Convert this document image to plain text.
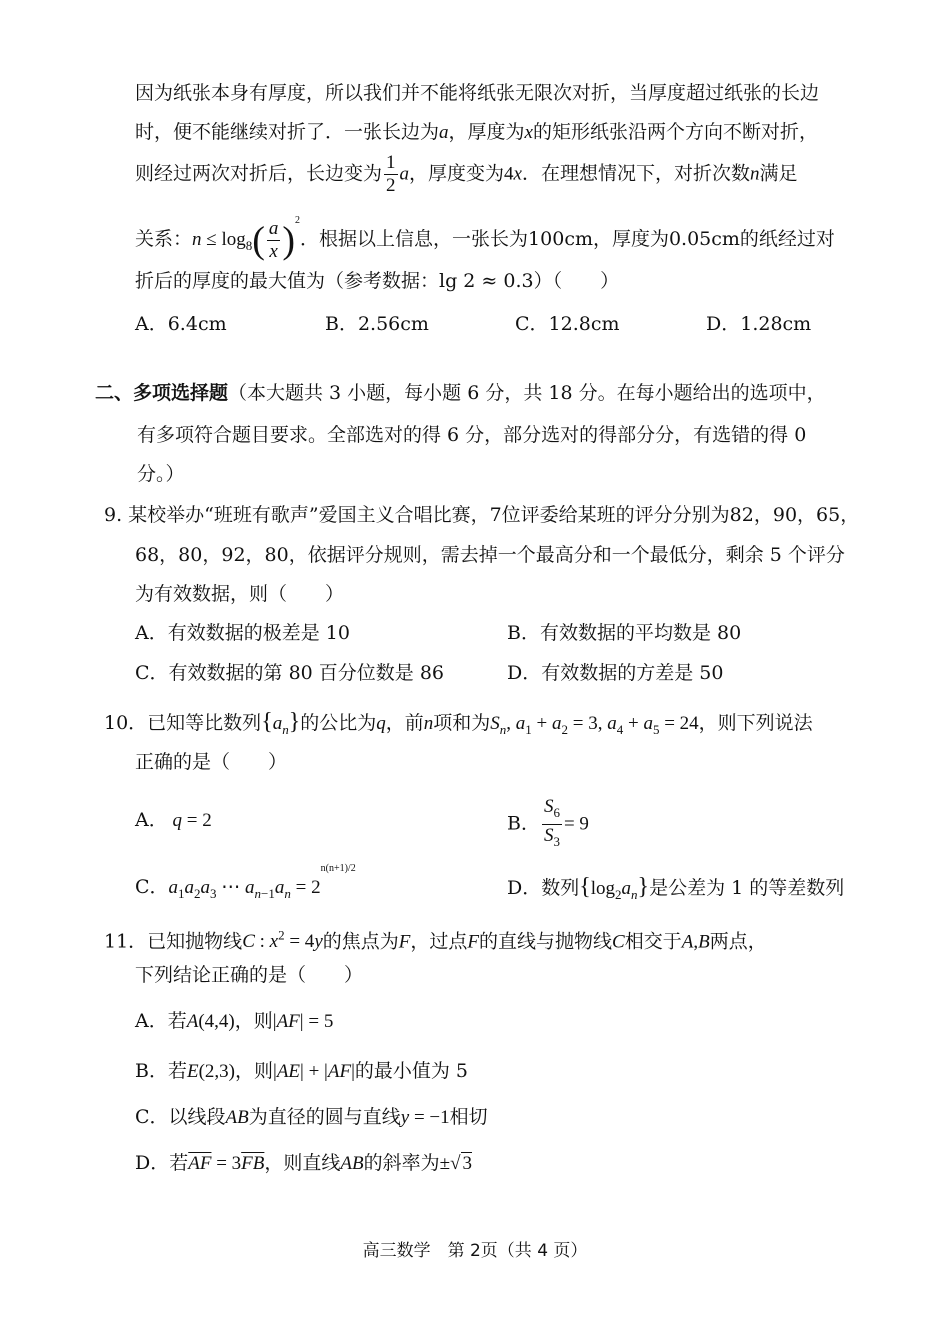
因为纸张本身有厚度，所以我们并不能将纸张无限次对折，当厚度超过纸张的长边
时，便不能继续对折了．一张长边为a，厚度为x的矩形纸张沿两个方向不断对折，
则经过两次对折后，长边变为 $\frac{1}{2}$ a，厚度变为4x．在理想情况下，对折次数n满足
关系：$n \le \log_8( \frac{a}{x} )^2$．根据以上信息，一张长为100cm，厚度为0.05cm的纸经过对
折后的厚度的最大值为（参考数据：lg 2 ≈ 0.3）（　　）
A．6.4cm	B．2.56cm	C．12.8cm	D．1.28cm
二、多项选择题（本大题共 3 小题，每小题 6 分，共 18 分。在每小题给出的选项中，
有多项符合题目要求。全部选对的得 6 分，部分选对的得部分分，有选错的得 0
分。）
9. 某校举办“班班有歌声”爱国主义合唱比赛，7位评委给某班的评分分别为82，90，65，
68，80，92，80，依据评分规则，需去掉一个最高分和一个最低分，剩余 5 个评分
为有效数据，则（　　）
A．有效数据的极差是 10	B．有效数据的平均数是 80
C．有效数据的第 80 百分位数是 86	D．有效数据的方差是 50
10．已知等比数列$\{a_n\}$的公比为q，前n项和为$S_n$, $a_1 + a_2 = 3$, $a_4 + a_5 = 24$，则下列说法
正确的是（　　）
A． q = 2	B． $\frac{S_6}{S_3} = 9$
C．$a_1a_2a_3$ ⋯ $a_{n-1}a_n = 2^{n(n+1)/2}$
D．数列$\{\log_2a_n\}$是公差为 1 的等差数列
11．已知抛物线C : $x^2 = 4y$的焦点为F，过点F的直线与抛物线C相交于A,B两点，
下列结论正确的是（　　）
A．若A(4,4)，则|AF| = 5
B．若E(2,3)，则|AE| + |AF|的最小值为 5
C．以线段AB为直径的圆与直线y = −1相切
D．若$\overline{AF} = 3\overline{FB}$，则直线AB的斜率为±√ 3
高三数学　第 2页（共 4 页）
